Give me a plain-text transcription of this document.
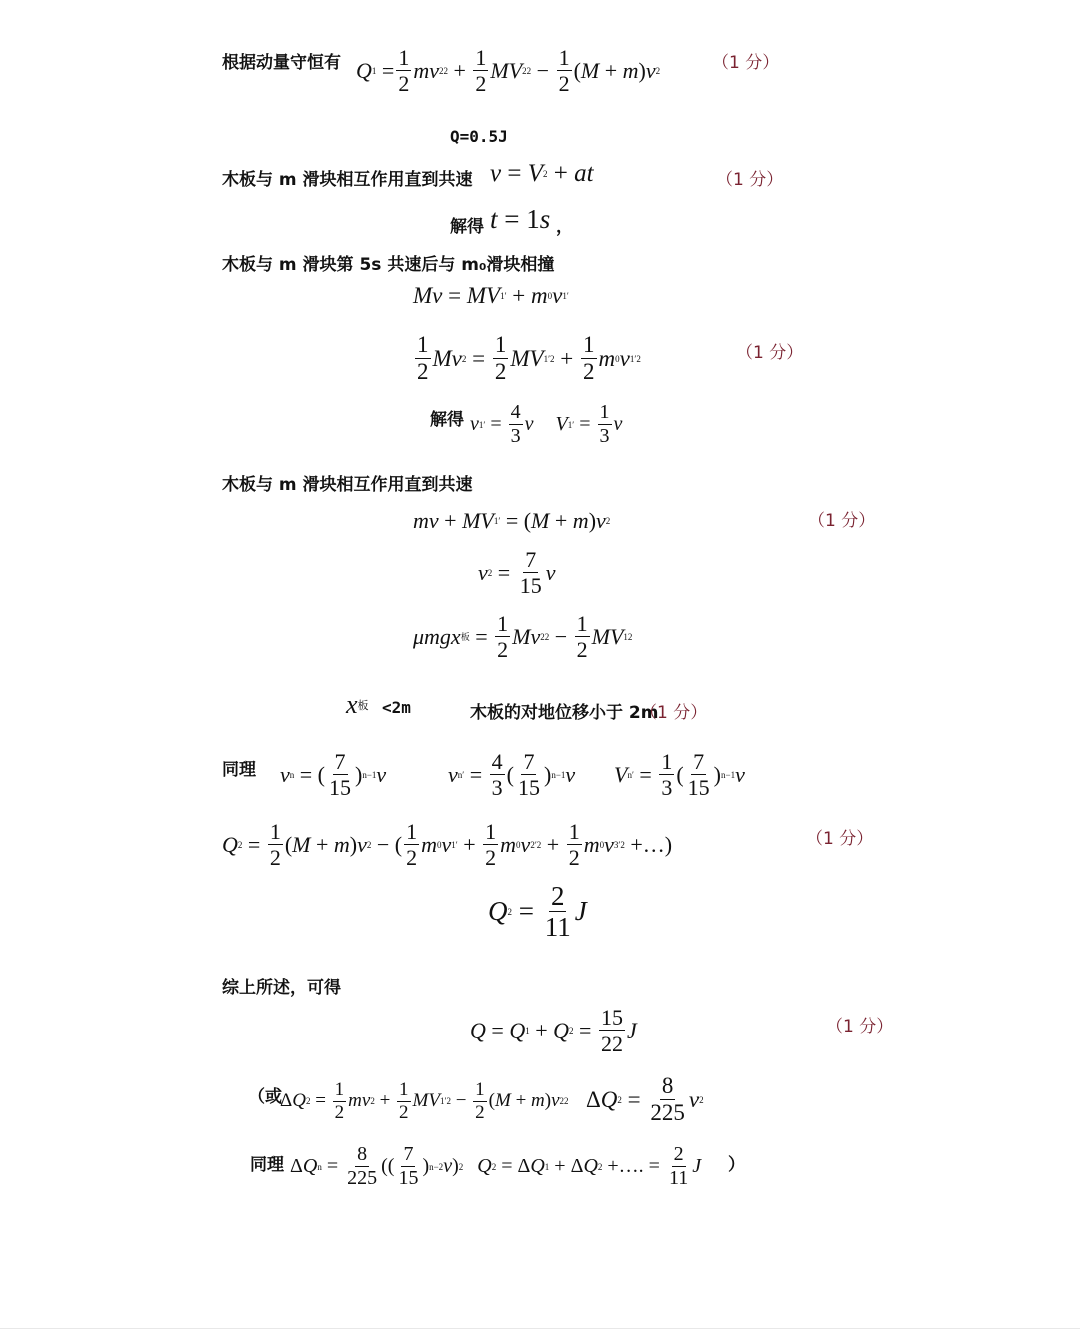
根据动量守恒有 Q 1
= $\frac{1}{2}$ mv 2 $2 + \frac{1}{2}$ MV 2 $2 - \frac{1}{2}$ ( M + m ) v 2	（1 分）
Q=0.5J
木板与 m 滑块相互作用直到共速 v = V 2 + at	（1 分）
解得 t = 1 s ，
木板与 m 滑块第 5s 共速后与 m₀滑块相撞
Mv = MV 1 ′ + m 0 v 1 ′
$\frac{1}{2}$ Mv $2 = \frac{1}{2}$ MV 1 $'2 + \frac{1}{2}$ m 0 v 1 ′2	（1 分）
解得 v 1 ′ = $\frac{4}{3}$ v
V 1 ′ = $\frac{1}{3}$ v
木板与 m 滑块相互作用直到共速
mv + MV 1 ′ = ( M + m ) v 2	（1 分）
v $2 = \frac{7}{15}$ v
μmgx 板 = $\frac{1}{2}$ Mv 2 $2 - \frac{1}{2}$ MV 1 2
x 板 <2m	木板的对地位移小于 2m
（1 分）
同理 v n = ( $\frac{7}{15}$ ) n−1 v	v n ′ = $\frac{4}{3}$ ( $\frac{7}{15}$ ) n−1 v V n ′ = $\frac{1}{3}$ ( $\frac{7}{15}$ ) n−1 v
Q $2 = \frac{1}{2}$ ( M + m ) v 2 − ( $\frac{1}{2}$ m 0 v 1 ′ + $\frac{1}{2}$ m 0 v 2 $'2 + \frac{1}{2}$ m 0 v 3 ′2 +…)	（1 分）
Q $2 = \frac{2}{11}$ J
综上所述，可得
Q = Q 1 + Q $2 = \frac{15}{22}$ J	（1 分）
（或
Δ Q $2 = \frac{1}{2}$ mv $2 + \frac{1}{2}$ MV 1 $'2 - \frac{1}{2}$ ( M + m ) v 2 2 Δ Q $2 = \frac{8}{225}$ v 2
同理 Δ Q $n = \frac{8}{225}$ (( $\frac{7}{15}$ ) n−2 v ) 2 Q 2 = Δ Q 1 + Δ Q 2 +…. = $\frac{2}{11}$ J ）
